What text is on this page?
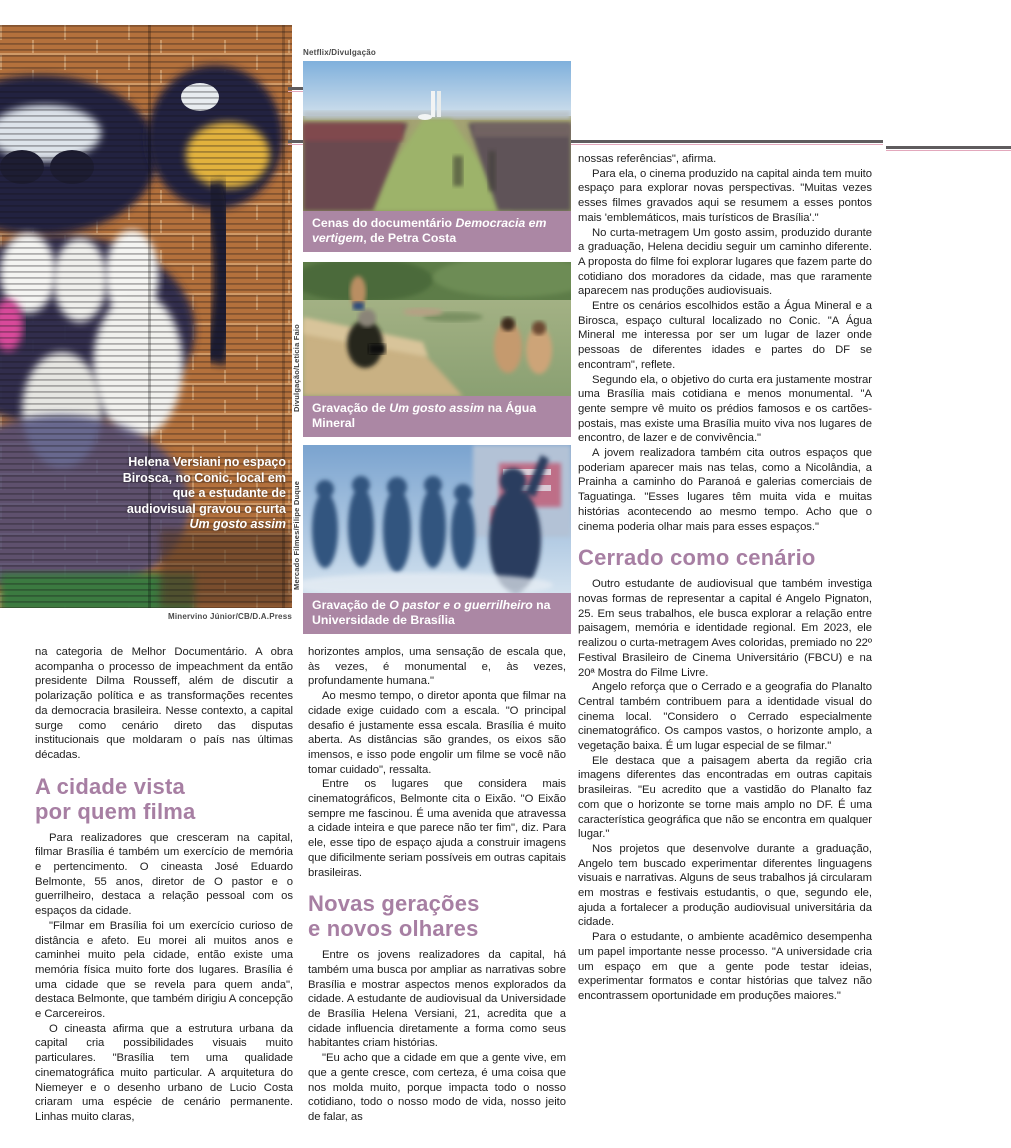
Helena Versiani no espaço Birosca, no Conic, local em que a estudante de audiovisual gravou o curta Um gosto assim
Minervino Júnior/CB/D.A.Press

Netflix/Divulgação

Cenas do documentário Democracia em vertigem, de Petra Costa
Gravação de Um gosto assim na Água Mineral
Gravação de O pastor e o guerrilheiro na Universidade de Brasília
Divulgação/Letícia Faio
Mercado Filmes/Filipe Duque

na categoria de Melhor Documentário. A obra acompanha o processo de impeachment da então presidente Dilma Rousseff, além de discutir a polarização política e as transformações recentes da democracia brasileira. Nesse contexto, a capital surge como cenário direto das disputas institucionais que moldaram o país nas últimas décadas.

A cidade vista
por quem filma

Para realizadores que cresceram na capital, filmar Brasília é também um exercício de memória e pertencimento. O cineasta José Eduardo Belmonte, 55 anos, diretor de O pastor e o guerrilheiro, destaca a relação pessoal com os espaços da cidade.

"Filmar em Brasília foi um exercício curioso de distância e afeto. Eu morei ali muitos anos e caminhei muito pela cidade, então existe uma memória física muito forte dos lugares. Brasília é uma cidade que se revela para quem anda", destaca Belmonte, que também dirigiu A concepção e Carcereiros.

O cineasta afirma que a estrutura urbana da capital cria possibilidades visuais muito particulares. "Brasília tem uma qualidade cinematográfica muito particular. A arquitetura do Niemeyer e o desenho urbano de Lucio Costa criaram uma espécie de cenário permanente. Linhas muito claras,

horizontes amplos, uma sensação de escala que, às vezes, é monumental e, às vezes, profundamente humana."

Ao mesmo tempo, o diretor aponta que filmar na cidade exige cuidado com a escala. "O principal desafio é justamente essa escala. Brasília é muito aberta. As distâncias são grandes, os eixos são imensos, e isso pode engolir um filme se você não tomar cuidado", ressalta.

Entre os lugares que considera mais cinematográficos, Belmonte cita o Eixão. "O Eixão sempre me fascinou. É uma avenida que atravessa a cidade inteira e que parece não ter fim", diz. Para ele, esse tipo de espaço ajuda a construir imagens que dificilmente seriam possíveis em outras capitais brasileiras.

Novas gerações
e novos olhares

Entre os jovens realizadores da capital, há também uma busca por ampliar as narrativas sobre Brasília e mostrar aspectos menos explorados da cidade. A estudante de audiovisual da Universidade de Brasília Helena Versiani, 21, acredita que a cidade influencia diretamente a forma como seus habitantes criam histórias.

"Eu acho que a cidade em que a gente vive, em que a gente cresce, com certeza, é uma coisa que nos molda muito, porque impacta todo o nosso cotidiano, todo o nosso modo de vida, nosso jeito de falar, as

nossas referências", afirma.

Para ela, o cinema produzido na capital ainda tem muito espaço para explorar novas perspectivas. "Muitas vezes esses filmes gravados aqui se resumem a esses pontos mais 'emblemáticos, mais turísticos de Brasília'."

No curta-metragem Um gosto assim, produzido durante a graduação, Helena decidiu seguir um caminho diferente. A proposta do filme foi explorar lugares que fazem parte do cotidiano dos moradores da cidade, mas que raramente aparecem nas produções audiovisuais.

Entre os cenários escolhidos estão a Água Mineral e a Birosca, espaço cultural localizado no Conic. "A Água Mineral me interessa por ser um lugar de lazer onde pessoas de diferentes idades e partes do DF se encontram", reflete.

Segundo ela, o objetivo do curta era justamente mostrar uma Brasília mais cotidiana e menos monumental. "A gente sempre vê muito os prédios famosos e os cartões-postais, mas existe uma Brasília muito viva nos lugares de encontro, de lazer e de convivência."

A jovem realizadora também cita outros espaços que poderiam aparecer mais nas telas, como a Nicolândia, a Prainha a caminho do Paranoá e galerias comerciais de Taguatinga. "Esses lugares têm muita vida e muitas histórias acontecendo ao mesmo tempo. Acho que o cinema poderia olhar mais para esses espaços."

Cerrado como cenário

Outro estudante de audiovisual que também investiga novas formas de representar a capital é Angelo Pignaton, 25. Em seus trabalhos, ele busca explorar a relação entre paisagem, memória e identidade regional. Em 2023, ele realizou o curta-metragem Aves coloridas, premiado no 22º Festival Brasileiro de Cinema Universitário (FBCU) e na 20ª Mostra do Filme Livre.

Angelo reforça que o Cerrado e a geografia do Planalto Central também contribuem para a identidade visual do cinema local. "Considero o Cerrado especialmente cinematográfico. Os campos vastos, o horizonte amplo, a vegetação baixa. É um lugar especial de se filmar."

Ele destaca que a paisagem aberta da região cria imagens diferentes das encontradas em outras capitais brasileiras. "Eu acredito que a vastidão do Planalto faz com que o horizonte se torne mais amplo no DF. É uma característica geográfica que não se encontra em qualquer lugar."

Nos projetos que desenvolve durante a graduação, Angelo tem buscado experimentar diferentes linguagens visuais e narrativas. Alguns de seus trabalhos já circularam em mostras e festivais estudantis, o que, segundo ele, ajuda a fortalecer a produção audiovisual universitária da cidade.

Para o estudante, o ambiente acadêmico desempenha um papel importante nesse processo. "A universidade cria um espaço em que a gente pode testar ideias, experimentar formatos e contar histórias que talvez não encontrassem oportunidade em produções maiores."
